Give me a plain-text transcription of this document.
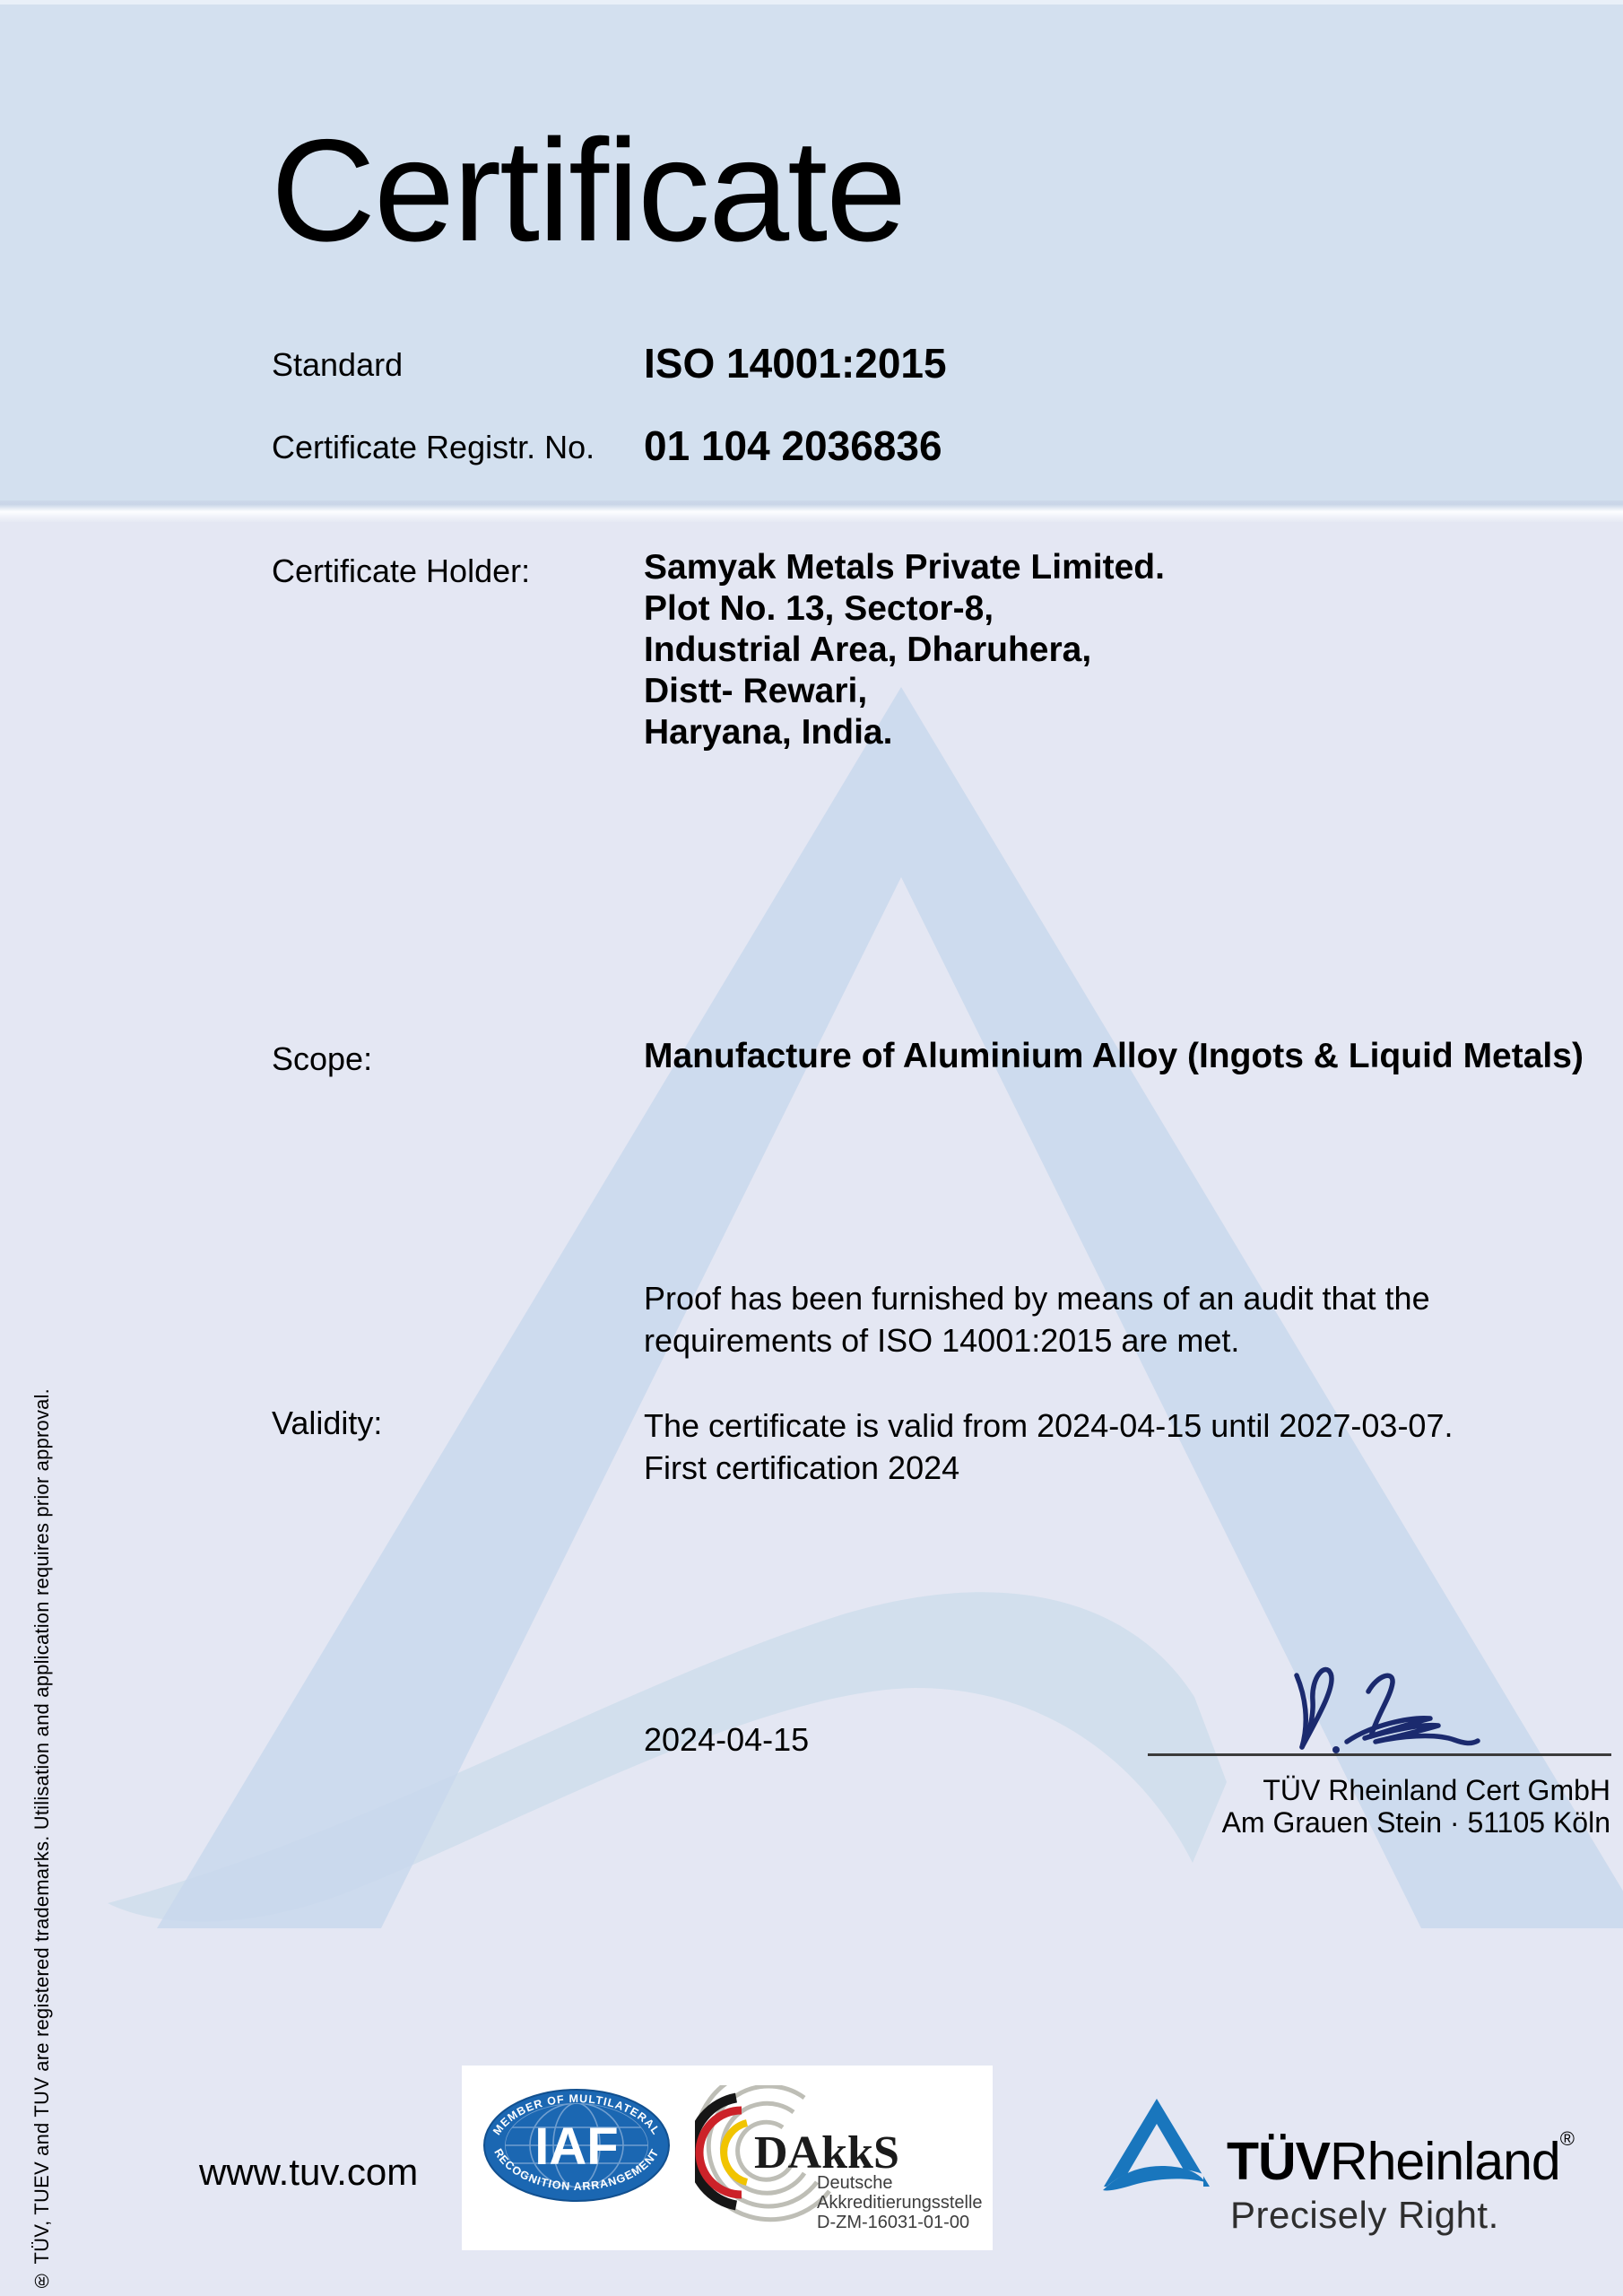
Certificate
Standard	ISO 14001:2015
Certificate Registr. No. 01 104 2036836
Certificate Holder:	Samyak Metals Private Limited.
Plot No. 13, Sector-8,
Industrial Area, Dharuhera,
Distt- Rewari,
Haryana, India.
Scope:	Manufacture of Aluminium Alloy (Ingots & Liquid Metals)
Proof has been furnished by means of an audit that the
requirements of ISO 14001:2015 are met.
Validity:	The certificate is valid from 2024-04-15 until 2027-03-07.
First certification 2024
2024-04-15
TÜV Rheinland Cert GmbH
Am Grauen Stein · 51105 Köln
® TÜV, TUEV and TUV are registered trademarks. Utilisation and application requires prior approval.	www.tuv.com IAF
MEMBER OF MULTILATERAL
RECOGNITION ARRANGEMENT DAkkS
Deutsche
Akkreditierungsstelle
D-ZM-16031-01-00
TÜVRheinland®
Precisely Right.
